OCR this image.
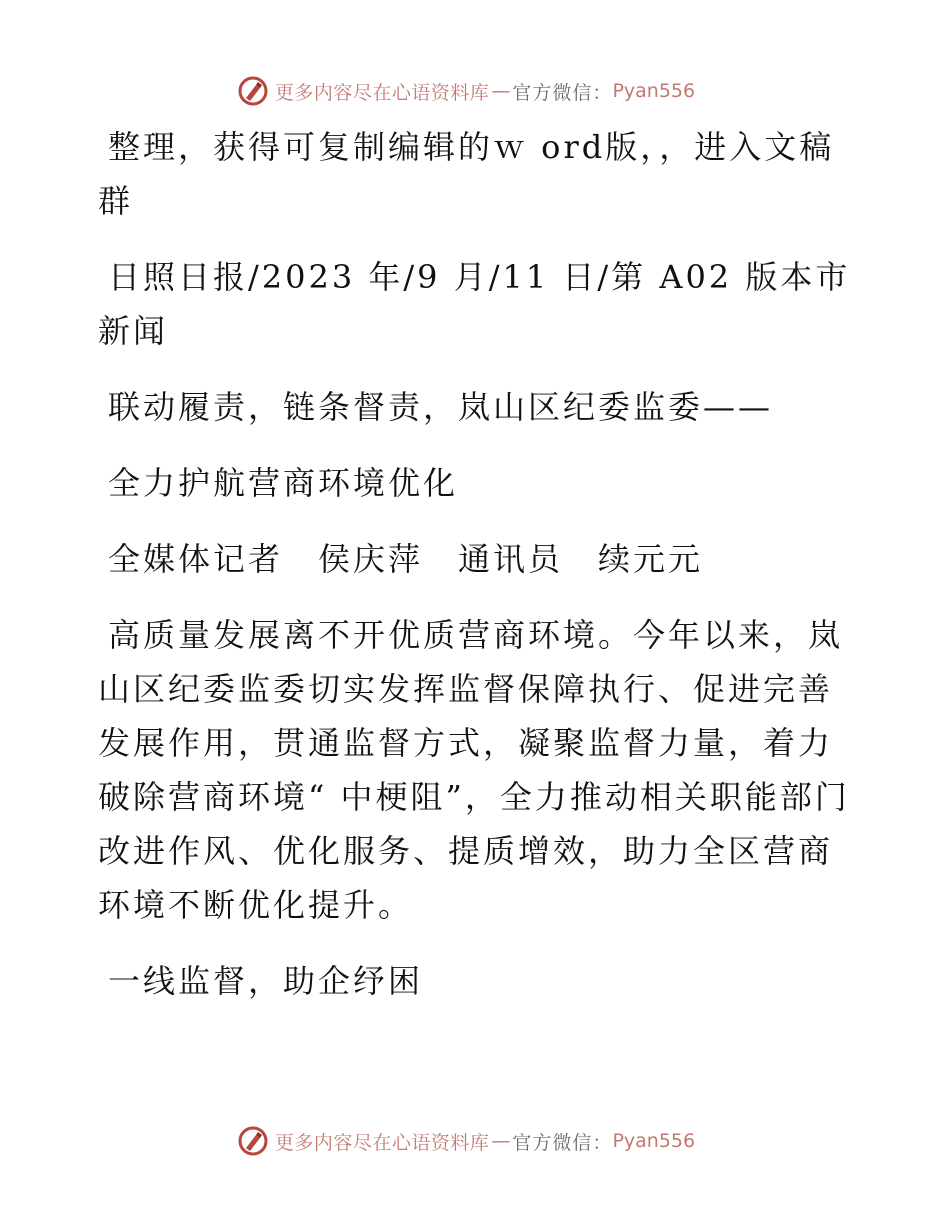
更多内容尽在心语资料库 — 官方微信： Pyan556

整理，获得可复制编辑的ｗ ord版，，进入文稿群

日照日报/2023 年/9 月/11 日/第 A02 版本市新闻

联动履责，链条督责，岚山区纪委监委——

全力护航营商环境优化

全媒体记者　侯庆萍　通讯员　续元元

高质量发展离不开优质营商环境。今年以来，岚山区纪委监委切实发挥监督保障执行、促进完善发展作用，贯通监督方式，凝聚监督力量，着力破除营商环境“ 中梗阻”，全力推动相关职能部门改进作风、优化服务、提质增效，助力全区营商环境不断优化提升。

一线监督，助企纾困

更多内容尽在心语资料库 — 官方微信： Pyan556
